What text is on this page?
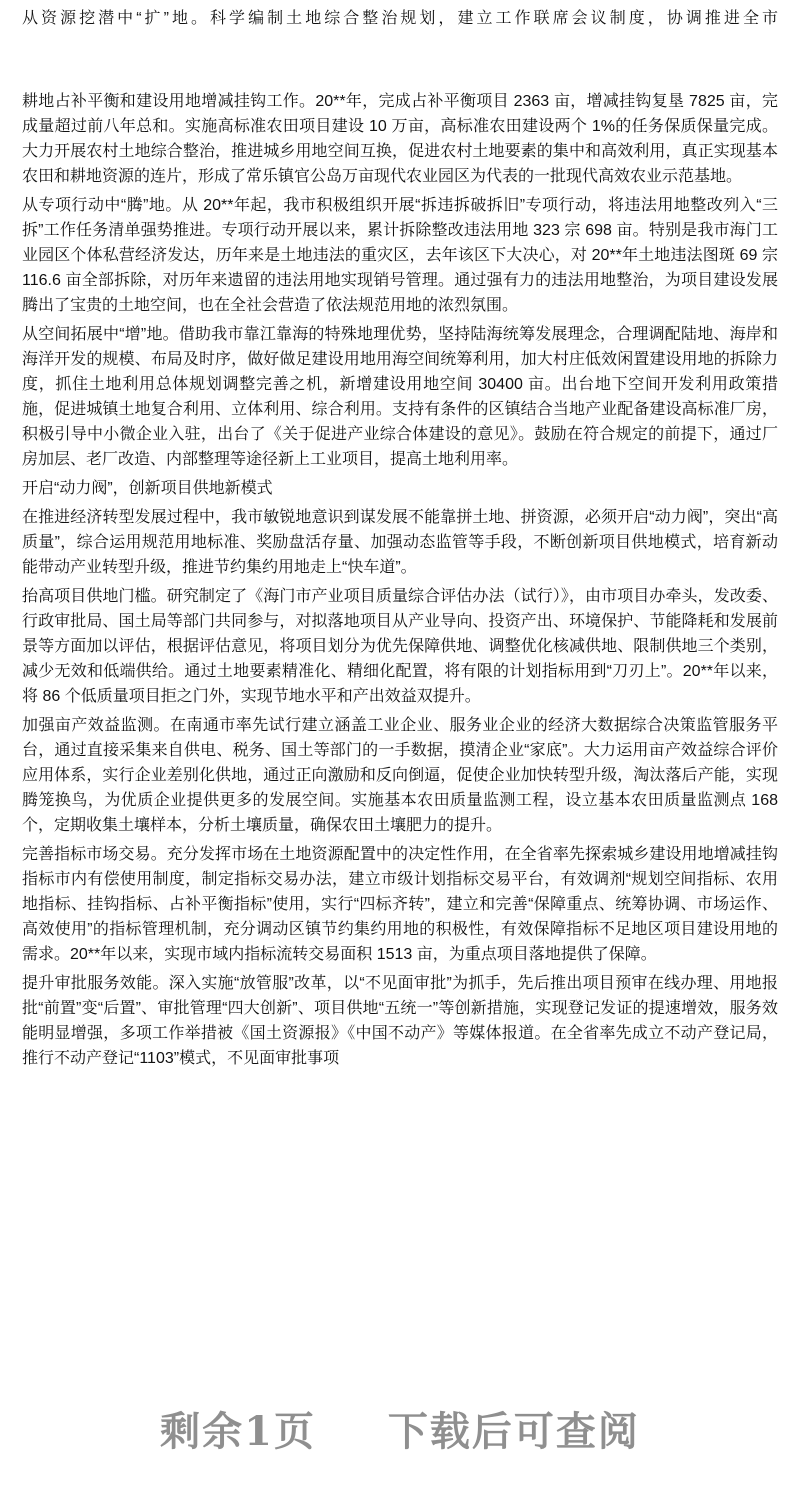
从资源挖潜中“扩”地。科学编制土地综合整治规划，建立工作联席会议制度，协调推进全市

耕地占补平衡和建设用地增减挂钩工作。20**年，完成占补平衡项目 2363 亩，增减挂钩复垦 7825 亩，完成量超过前八年总和。实施高标准农田项目建设 10 万亩，高标准农田建设两个 1%的任务保质保量完成。大力开展农村土地综合整治，推进城乡用地空间互换，促进农村土地要素的集中和高效利用，真正实现基本农田和耕地资源的连片，形成了常乐镇官公岛万亩现代农业园区为代表的一批现代高效农业示范基地。

从专项行动中“腾”地。从 20**年起，我市积极组织开展“拆违拆破拆旧”专项行动，将违法用地整改列入“三拆”工作任务清单强势推进。专项行动开展以来，累计拆除整改违法用地 323 宗 698 亩。特别是我市海门工业园区个体私营经济发达，历年来是土地违法的重灾区，去年该区下大决心，对 20**年土地违法图斑 69 宗 116.6 亩全部拆除，对历年来遗留的违法用地实现销号管理。通过强有力的违法用地整治，为项目建设发展腾出了宝贵的土地空间，也在全社会营造了依法规范用地的浓烈氛围。

从空间拓展中“增”地。借助我市靠江靠海的特殊地理优势，坚持陆海统筹发展理念，合理调配陆地、海岸和海洋开发的规模、布局及时序，做好做足建设用地用海空间统筹利用，加大村庄低效闲置建设用地的拆除力度，抓住土地利用总体规划调整完善之机，新增建设用地空间 30400 亩。出台地下空间开发利用政策措施，促进城镇土地复合利用、立体利用、综合利用。支持有条件的区镇结合当地产业配备建设高标准厂房，积极引导中小微企业入驻，出台了《关于促进产业综合体建设的意见》。鼓励在符合规定的前提下，通过厂房加层、老厂改造、内部整理等途径新上工业项目，提高土地利用率。

开启“动力阀”，创新项目供地新模式

在推进经济转型发展过程中，我市敏锐地意识到谋发展不能靠拼土地、拼资源，必须开启“动力阀”，突出“高质量”，综合运用规范用地标准、奖励盘活存量、加强动态监管等手段，不断创新项目供地模式，培育新动能带动产业转型升级，推进节约集约用地走上“快车道”。

抬高项目供地门槛。研究制定了《海门市产业项目质量综合评估办法（试行）》，由市项目办牵头，发改委、行政审批局、国土局等部门共同参与，对拟落地项目从产业导向、投资产出、环境保护、节能降耗和发展前景等方面加以评估，根据评估意见，将项目划分为优先保障供地、调整优化核减供地、限制供地三个类别，减少无效和低端供给。通过土地要素精准化、精细化配置，将有限的计划指标用到“刀刃上”。20**年以来，将 86 个低质量项目拒之门外，实现节地水平和产出效益双提升。

加强亩产效益监测。在南通市率先试行建立涵盖工业企业、服务业企业的经济大数据综合决策监管服务平台，通过直接采集来自供电、税务、国土等部门的一手数据，摸清企业“家底”。大力运用亩产效益综合评价应用体系，实行企业差别化供地，通过正向激励和反向倒逼，促使企业加快转型升级，淘汰落后产能，实现腾笼换鸟，为优质企业提供更多的发展空间。实施基本农田质量监测工程，设立基本农田质量监测点 168 个，定期收集土壤样本，分析土壤质量，确保农田土壤肥力的提升。

完善指标市场交易。充分发挥市场在土地资源配置中的决定性作用，在全省率先探索城乡建设用地增减挂钩指标市内有偿使用制度，制定指标交易办法，建立市级计划指标交易平台，有效调剂“规划空间指标、农用地指标、挂钩指标、占补平衡指标”使用，实行“四标齐转”，建立和完善“保障重点、统筹协调、市场运作、高效使用”的指标管理机制，充分调动区镇节约集约用地的积极性，有效保障指标不足地区项目建设用地的需求。20**年以来，实现市域内指标流转交易面积 1513 亩，为重点项目落地提供了保障。

提升审批服务效能。深入实施“放管服”改革，以“不见面审批”为抓手，先后推出项目预审在线办理、用地报批“前置”变“后置”、审批管理“四大创新”、项目供地“五统一”等创新措施，实现登记发证的提速增效，服务效能明显增强，多项工作举措被《国土资源报》《中国不动产》等媒体报道。在全省率先成立不动产登记局，推行不动产登记“1103”模式，不见面审批事项

剩余1页 下载后可查阅
